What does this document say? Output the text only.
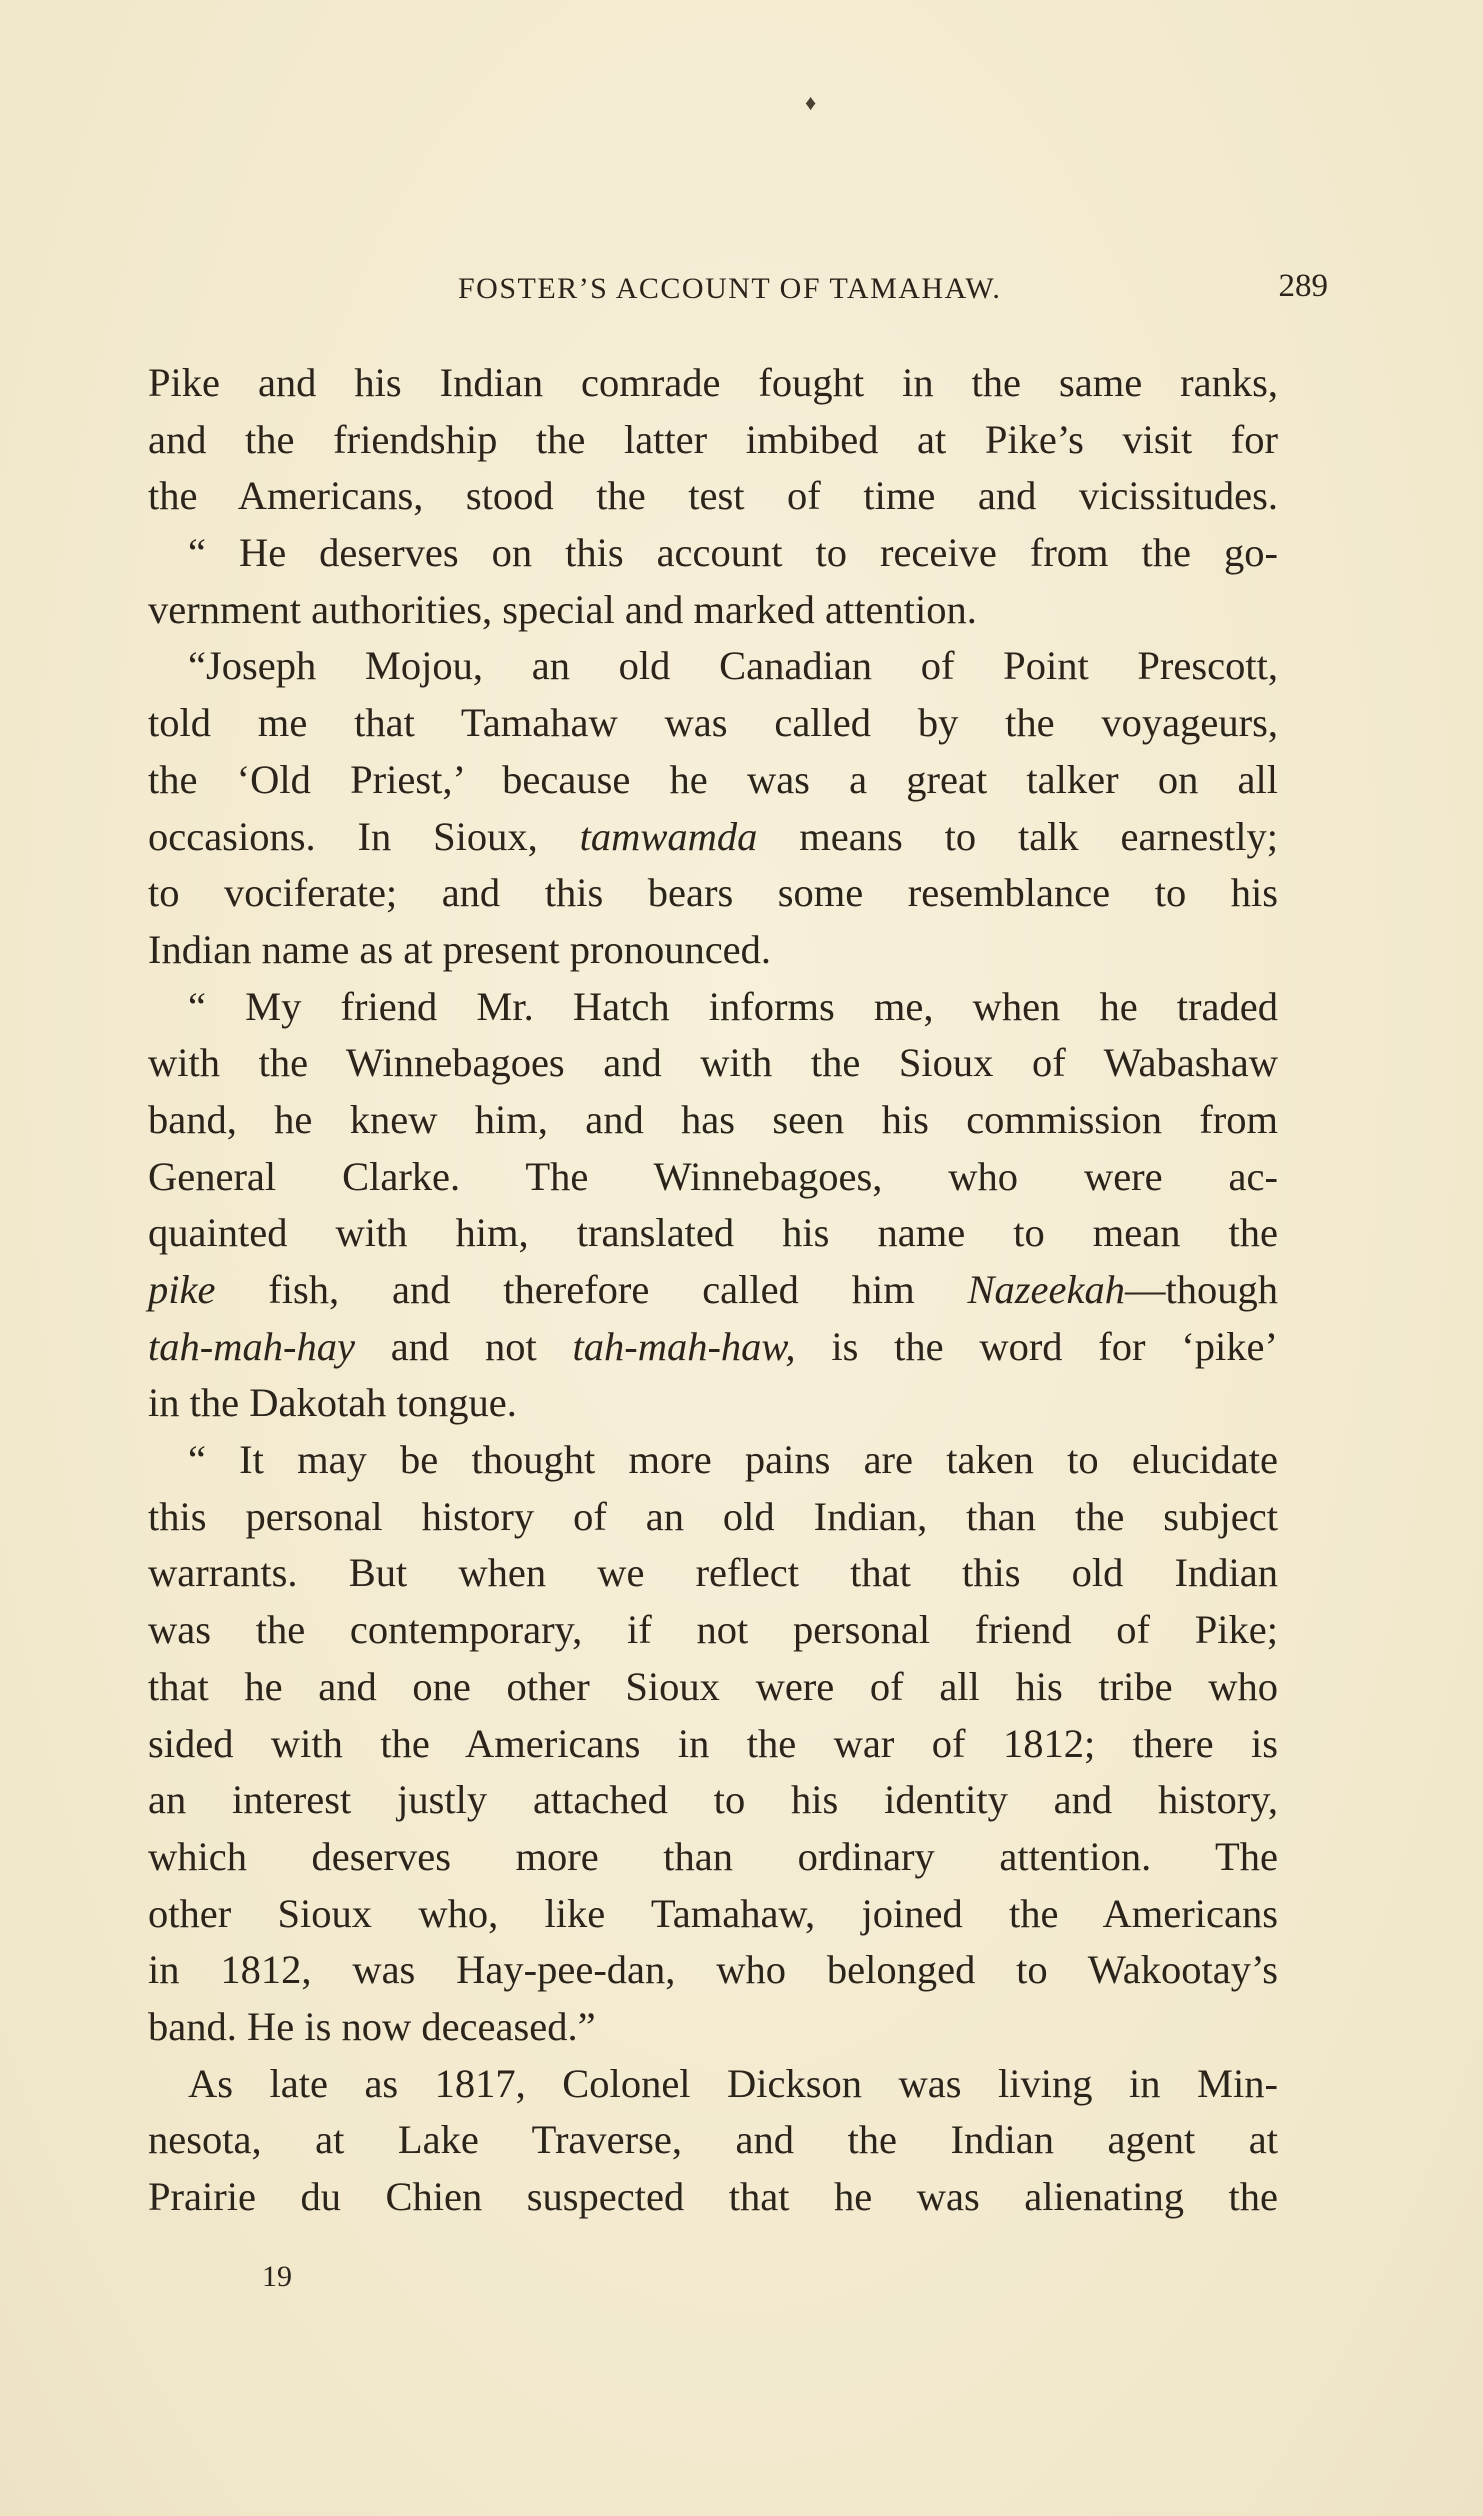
♦
FOSTER’S ACCOUNT OF TAMAHAW.	289
Pike and his Indian comrade fought in the same ranks,
and the friendship the latter imbibed at Pike’s visit for
the Americans, stood the test of time and vicissitudes.
“ He deserves on this account to receive from the go-
vernment authorities, special and marked attention.
“Joseph Mojou, an old Canadian of Point Prescott,
told me that Tamahaw was called by the voyageurs,
the ‘Old Priest,’ because he was a great talker on all
occasions. In Sioux, tamwamda means to talk earnestly;
to vociferate; and this bears some resemblance to his
Indian name as at present pronounced.
“ My friend Mr. Hatch informs me, when he traded
with the Winnebagoes and with the Sioux of Wabashaw
band, he knew him, and has seen his commission from
General Clarke. The Winnebagoes, who were ac-
quainted with him, translated his name to mean the
pike fish, and therefore called him Nazeekah—though
tah-mah-hay and not tah-mah-haw, is the word for ‘pike’
in the Dakotah tongue.
“ It may be thought more pains are taken to elucidate
this personal history of an old Indian, than the subject
warrants. But when we reflect that this old Indian
was the contemporary, if not personal friend of Pike;
that he and one other Sioux were of all his tribe who
sided with the Americans in the war of 1812; there is
an interest justly attached to his identity and history,
which deserves more than ordinary attention. The
other Sioux who, like Tamahaw, joined the Americans
in 1812, was Hay-pee-dan, who belonged to Wakootay’s
band. He is now deceased.”
As late as 1817, Colonel Dickson was living in Min-
nesota, at Lake Traverse, and the Indian agent at
Prairie du Chien suspected that he was alienating the
19
